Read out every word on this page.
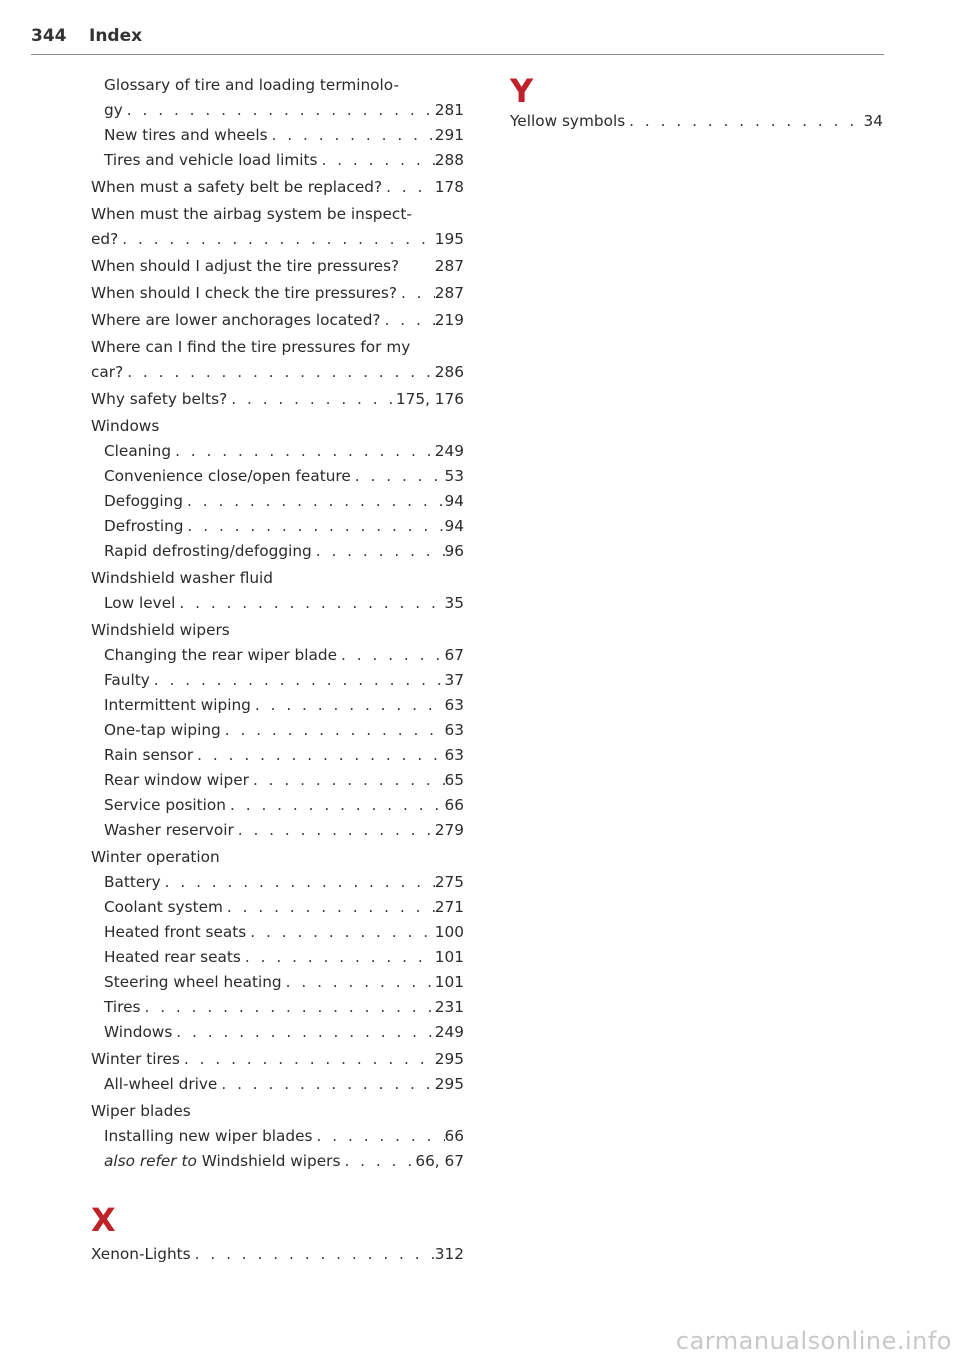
344 Index
Glossary of tire and loading terminolo-
gy . . .	281
New tires and wheels . . .	291
Tires and vehicle load limits . . .	288
When must a safety belt be replaced? . . .	178
When must the airbag system be inspect-
ed? . . .	195
When should I adjust the tire pressures? 287
When should I check the tire pressures? . . . 287
Where are lower anchorages located? . . .	219
Where can I find the tire pressures for my
car? . . .	286
Why safety belts? . . .	175, 176
Windows
Cleaning . . .	249
Convenience close/open feature . . .	53
Defogging . . .	94
Defrosting . . .	94
Rapid defrosting/defogging . . .	96
Windshield washer fluid
Low level . . .	35
Windshield wipers
Changing the rear wiper blade . . .	67
Faulty . . .	37
Intermittent wiping . . .	63
One-tap wiping . . .	63
Rain sensor . . .	63
Rear window wiper . . .	65
Service position . . .	66
Washer reservoir . . .	279
Winter operation
Battery . . .	275
Coolant system . . .	271
Heated front seats . . .	100
Heated rear seats . . .	101
Steering wheel heating . . .	101
Tires . . .	231
Windows . . .	249
Winter tires . . .	295
All-wheel drive . . .	295
Wiper blades
Installing new wiper blades . . .	66
also refer to Windshield wipers . . .	66, 67
X
Xenon-Lights . . .	312
Y
Yellow symbols . . .	34
carmanualsonline.info
